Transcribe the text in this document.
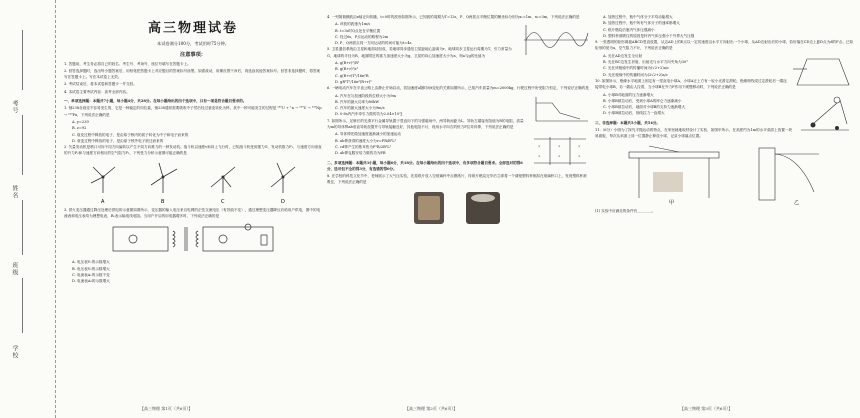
考号
姓名
班级
学校
高三物理试卷
本试卷满分100分，考试用时75分钟。
注意事项：
1. 答题前，考生务必将自己的姓名、考生号、考场号、座位号填写在答题卡上。
2. 回答选择题时，选出每小题答案后，用铅笔把答题卡上对应题目的答案标号涂黑。如需改动，用橡皮擦干净后，再选涂其他答案标号。回答非选择题时，将答案写在答题卡上。写在本试卷上无效。
3. 考试结束后，将本试卷和答题卡一并交回。
4. 本试卷主要考试内容：高考全部内容。
一、单项选择题：本题共7小题，每小题4分，共28分。在每小题给出的四个选项中，只有一项是符合题目要求的。
1. 铀238各衰变不容易发生的，它是一种稳定的同位素，铀238通常需要吸收中子然后经过衰变转化为钚，其中一种可能发生的过程是 ²³⁸U + ¹n → ²³⁹U → ²³⁹Np → ²³⁹Pu，下列说法正确的是
A. y=239
B. z=92
C. 衰变过程中释放的电子，是由原子核内的质子转化为中子和电子而来的
D. 衰变过程中释放的电子，是由原子核外电子跃迁而来的
2. 矢量发动机是喷口可向不同方向偏转以产生不同方向推力的一种发动机。战斗机以速度v斜向上飞行时，已知战斗机受到重力G、发动机推力F₁、与速度方向垂直的升力F₂和与速度方向相反的空气阻力F₃，下列受力分析示意图可能正确的是
A	B	C	D
3. 供火变压器通过降压处理后供电的示意图如图所示，变压器的输入电压来自电网的正弦交流电压（有效值不变），通过理想变压器降压后给用户供电，图中的电流表和电压表均为理想电表，R₀表示输电线电阻。当用户开启的用电器增多时，下列说法正确的是
A. 电压表V₁的示数增大
B. 电压表V₂的示数增大
C. 电流表A₁的示数不变
D. 电流表A₂的示数增大
【高三物理 第1页（共6页）】
4. 一列简谐横波沿x轴正向传播，t=0时的波形如图所示，已知波的周期为T=12s，P、Q两质点平衡位置的横坐标分别为x₁=1m、x₂=3m，下列说法正确的是
A. 该波的波速为1m/s
B. t=3s时Q点处在平衡位置
C. 经过6s，P点运动的路程为2m
D. P、Q两质点同一方向运动的时间可能为t=4s
5. 卫星通信系统由卫星和地面站组成，若地球同步通信卫星距地心距离为r，地球同步卫星运行周期为T，引力常量为G，地球的半径为R，地面附近的重力加速度大小为g，卫星的向心加速度大小为a，则a与g的比值为
A. g(R+r)²/R²
B. g(R+r)²/r²
C. g(R+r)T²/16π²R
D. gR²T²/16π²(R+r)³
6. 一辆电动汽车在平直公路上由静止开始启动，其加速度a随时间t变化的关系如图所示，已知汽车质量为m=2000kg，行驶过程中所受阻力恒定，下列说法正确的是
A. 汽车在匀加速阶段的位移大小为9m
B. 汽车的最大功率为80kW
C. 汽车的最大速度大小为9m/s
D. 0-8s内汽车牵引力做的功为2.04×10⁵J
7. 如图所示，足够长的光滑平行金属导轨置于竖直向下的匀强磁场中，两导轨间距为L，导轨左端接有阻值为R的电阻，质量为m的导体棒ab垂直导轨放置并与导轨接触良好，其他电阻不计，现用水平向右的恒力F拉导体棒，下列说法正确的是
×	×	×
×	×	×
A. 导体棒先做加速度逐渐减小的加速运动
B. ab棒获得的速度大小为v=FR/B²L²
C. cd棒产生的焦耳热为F²R/2B²L²
D. ab棒克服安培力做的功为FR
二、多项选择题：本题共3小题，每小题6分，共18分。在每小题给出的四个选项中，有多项符合题目要求。全部选对的得6分，选对但不全的得3分，有选错的得0分。
8. 在学校的科技文化节中，老师展示了大气压实验，先将纸片放入空玻璃杯中点燃纸片，待纸片燃烧完毕后立即将一个薄壁塑料杯倒扣在玻璃杯口上，发现塑料杯被吸住，下列说法正确的是
【高三物理 第2页（共6页）】
A. 加热过程中，瓶中气体分子平均动能增大
B. 加热过程中，瓶中所有气体分子的速率都增大
C. 纸片燃烧后瓶内气体压强减小
D. 塑料杯被吸住的原因是杯内气体压强小于外界大气压强
9. 一张透明的矩形薄板ABCD竖直放置，从边AD上的E点以一定初速度沿水平方向射出一个小球，从AD边射出后的小球，恰好落在CD边上距D点为d的F点。已知矩形的宽为a，空气阻力不计，下列说法正确的是
A. 光在AD边发生全反射
B. 光在BC边发生折射，出射光与水平方向夹角为30°
C. 光在该棱镜中的传播时间为(√2+2)a/c
D. 光在棱镜中的传播时间为(2√2+2)a/c
10. 如图所示，绝缘水平地面上固定有一竖直电小球A，小球A正上方有一轻小光滑定滑轮，绝缘细线绕过定滑轮后一端连接带电小球B，另一端由人拉着，当小球B在外力F作用下缓慢移动时，下列说法正确的是
A. 小球B对地面的压力逐渐增大
B. 小球B被拉动后，受到小球A的库仑力逐渐减小
C. 小球B被拉动后，地面对小球B的支持力逐渐增大
D. 小球B被拉动后，细线拉力一直增大
三、非选择题：本题共5小题，共54分。
11.（6分）小明为了探究平抛运动的特点，在家里就地取材设计了实验，如图甲所示，在高度约为1m的水平桌面上放置一块斜面板，每次从斜面上同一位置静止释放小球，记录小球落点位置。
甲	乙
(1) 实验中应满足的条件有________。
【高三物理 第3页（共6页）】
